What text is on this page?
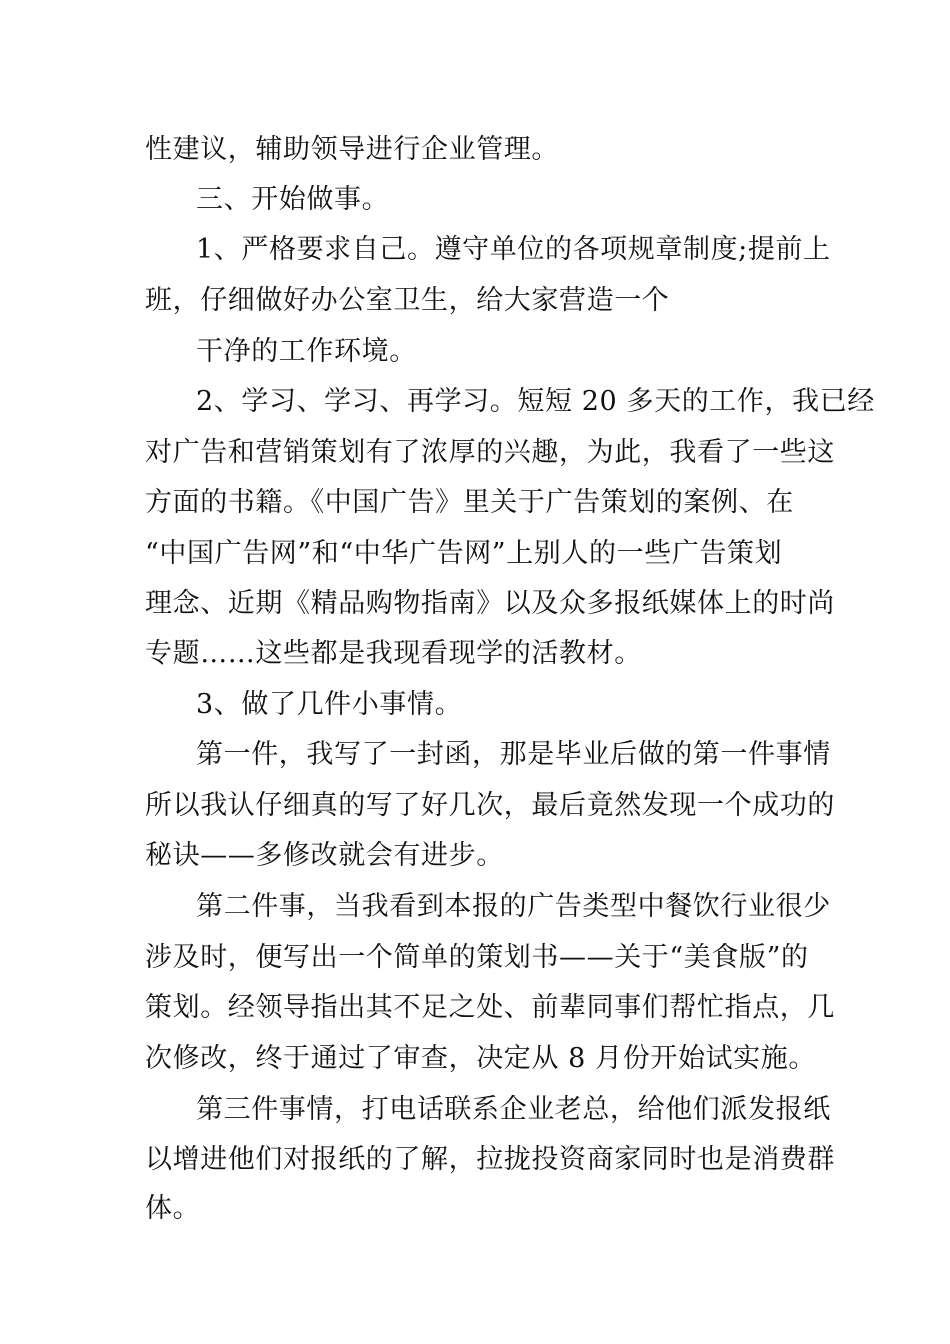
性建议，辅助领导进行企业管理。
三、开始做事。
1、严格要求自己。遵守单位的各项规章制度;提前上
班，仔细做好办公室卫生，给大家营造一个
干净的工作环境。
2、学习、学习、再学习。短短 20 多天的工作，我已经
对广告和营销策划有了浓厚的兴趣，为此，我看了一些这
方面的书籍。《中国广告》里关于广告策划的案例、在
“中国广告网”和“中华广告网”上别人的一些广告策划
理念、近期《精品购物指南》以及众多报纸媒体上的时尚
专题……这些都是我现看现学的活教材。
3、做了几件小事情。
第一件，我写了一封函，那是毕业后做的第一件事情
所以我认仔细真的写了好几次，最后竟然发现一个成功的
秘诀——多修改就会有进步。
第二件事，当我看到本报的广告类型中餐饮行业很少
涉及时，便写出一个简单的策划书——关于“美食版”的
策划。经领导指出其不足之处、前辈同事们帮忙指点，几
次修改，终于通过了审查，决定从 8 月份开始试实施。
第三件事情，打电话联系企业老总，给他们派发报纸
以增进他们对报纸的了解，拉拢投资商家同时也是消费群
体。
